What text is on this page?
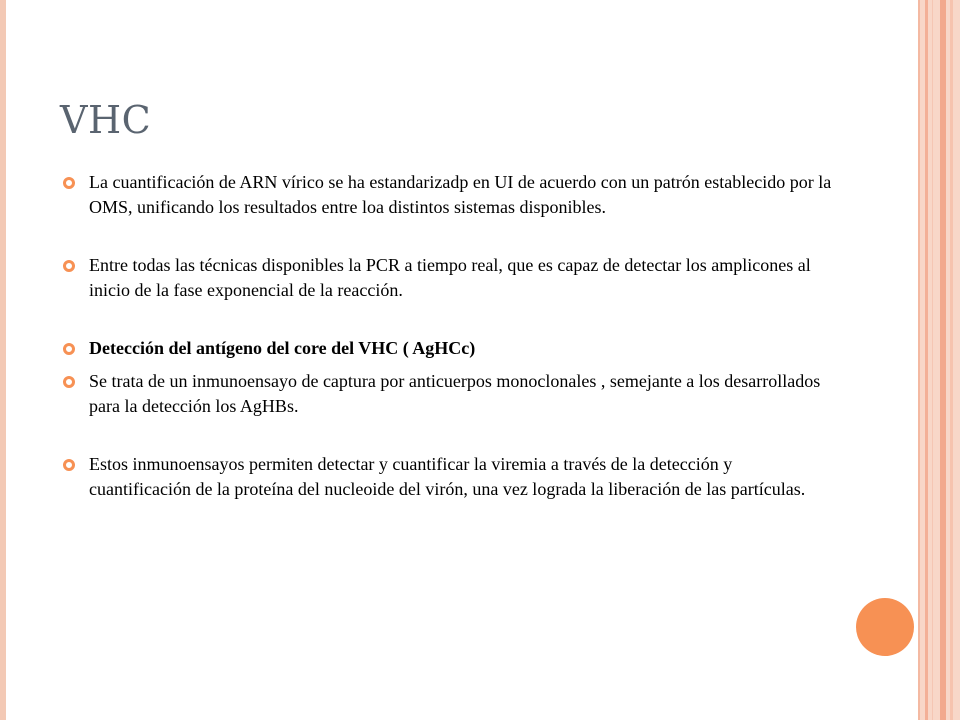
VHC
La cuantificación de ARN vírico se ha estandarizadp en UI de acuerdo con un patrón establecido por la OMS, unificando los resultados entre loa distintos sistemas disponibles.
Entre todas las técnicas disponibles la PCR a tiempo real, que es capaz de detectar los amplicones al inicio de la fase exponencial de la reacción.
Detección del antígeno del core del VHC ( AgHCc)
Se trata de un inmunoensayo de captura por anticuerpos monoclonales , semejante a los desarrollados para la detección los AgHBs.
Estos inmunoensayos permiten detectar y cuantificar la viremia a través de la detección y cuantificación de la proteína del nucleoide del virón, una vez lograda la liberación de las partículas.
